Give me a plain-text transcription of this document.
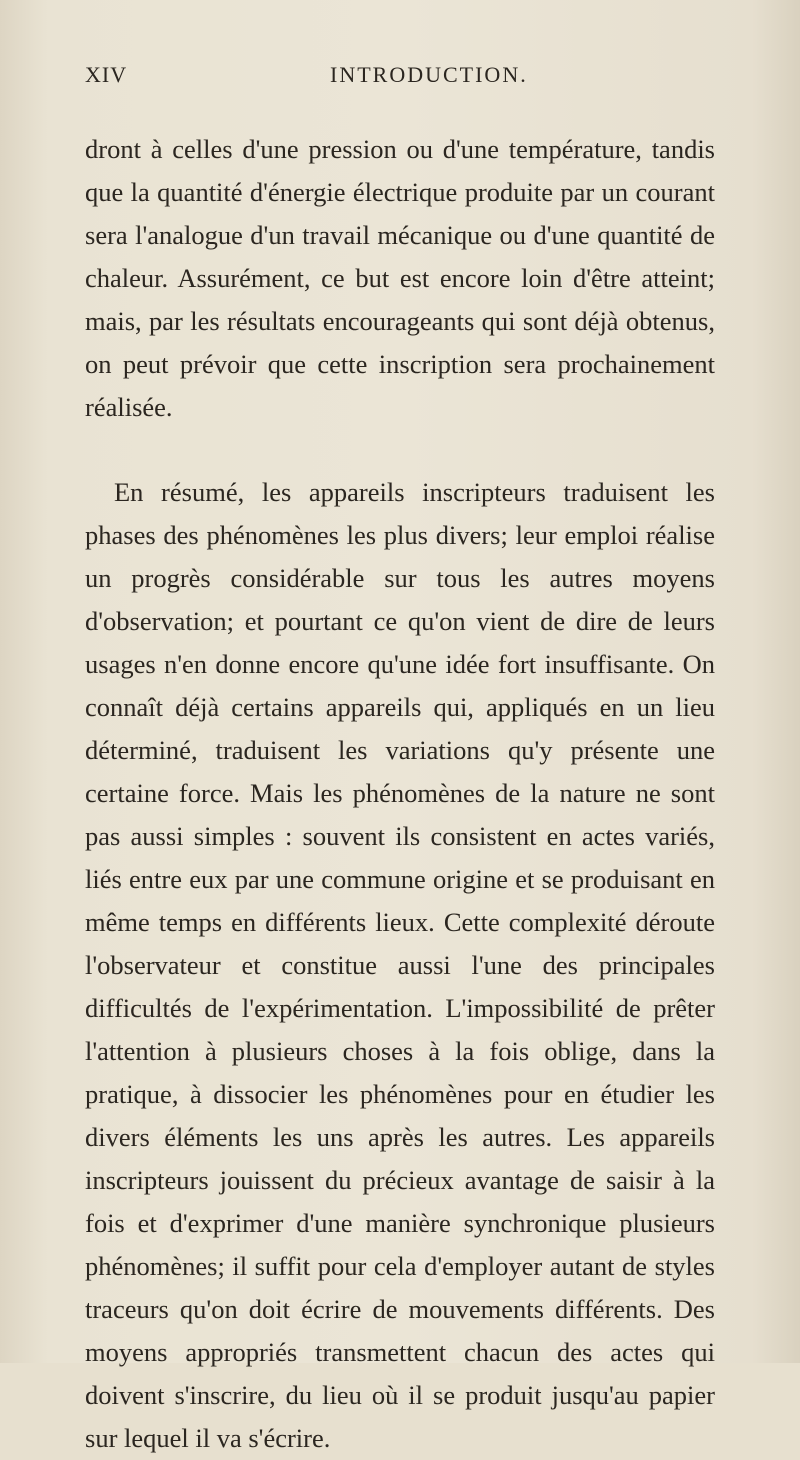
XIV	INTRODUCTION.

dront à celles d'une pression ou d'une température, tandis que la quantité d'énergie électrique produite par un courant sera l'analogue d'un travail mécanique ou d'une quantité de chaleur. Assurément, ce but est encore loin d'être atteint; mais, par les résultats encourageants qui sont déjà obtenus, on peut prévoir que cette inscription sera prochainement réalisée.

En résumé, les appareils inscripteurs traduisent les phases des phénomènes les plus divers; leur emploi réalise un progrès considérable sur tous les autres moyens d'observation; et pourtant ce qu'on vient de dire de leurs usages n'en donne encore qu'une idée fort insuffisante. On connaît déjà certains appareils qui, appliqués en un lieu déterminé, traduisent les variations qu'y présente une certaine force. Mais les phénomènes de la nature ne sont pas aussi simples : souvent ils consistent en actes variés, liés entre eux par une commune origine et se produisant en même temps en différents lieux. Cette complexité déroute l'observateur et constitue aussi l'une des principales difficultés de l'expérimentation. L'impossibilité de prêter l'attention à plusieurs choses à la fois oblige, dans la pratique, à dissocier les phénomènes pour en étudier les divers éléments les uns après les autres. Les appareils inscripteurs jouissent du précieux avantage de saisir à la fois et d'exprimer d'une manière synchronique plusieurs phénomènes; il suffit pour cela d'employer autant de styles traceurs qu'on doit écrire de mouvements différents. Des moyens appropriés transmettent chacun des actes qui doivent s'inscrire, du lieu où il se produit jusqu'au papier sur lequel il va s'écrire.
